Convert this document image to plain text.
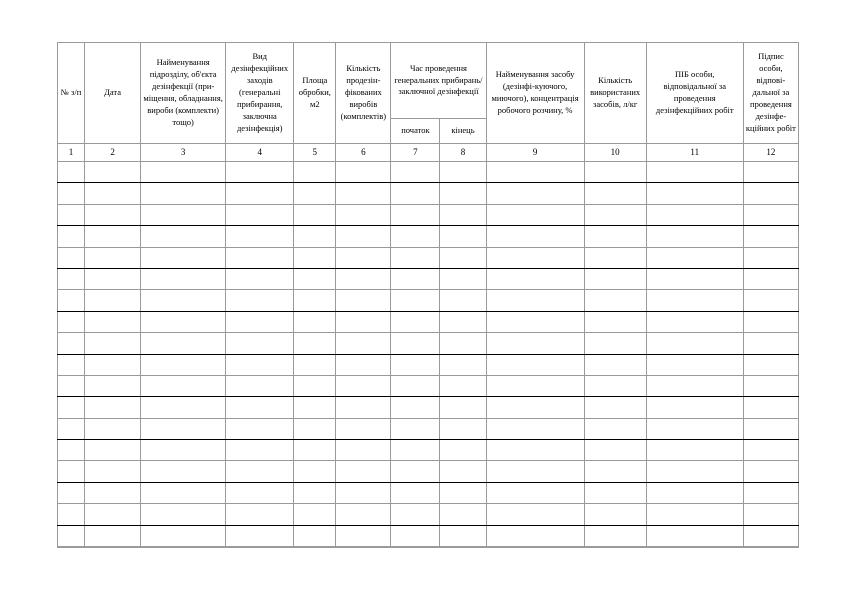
№ з/п	Дата	Найменування підрозділу, об'єкта дезінфекції (при-міщення, обладнання, вироби (комплекти) тощо)	Вид дезінфекційних заходів (генеральні прибирання, заключна дезінфекція)	Площа обробки, м2	Кількість продезін-фікованих виробів (комплектів)	Час проведення генеральних прибирань/ заключної дезінфекції		Найменування засобу (дезінфі-куючого, миючого), концентрація робочого розчину, %	Кількість використаних засобів, л/кг	ПІБ особи, відповідальної за проведення дезінфекційних робіт	Підпис особи, відпові-дальної за проведення дезінфе-кційних робіт
						початок	кінець				
1	2	3	4	5	6	7	8	9	10	11	12
